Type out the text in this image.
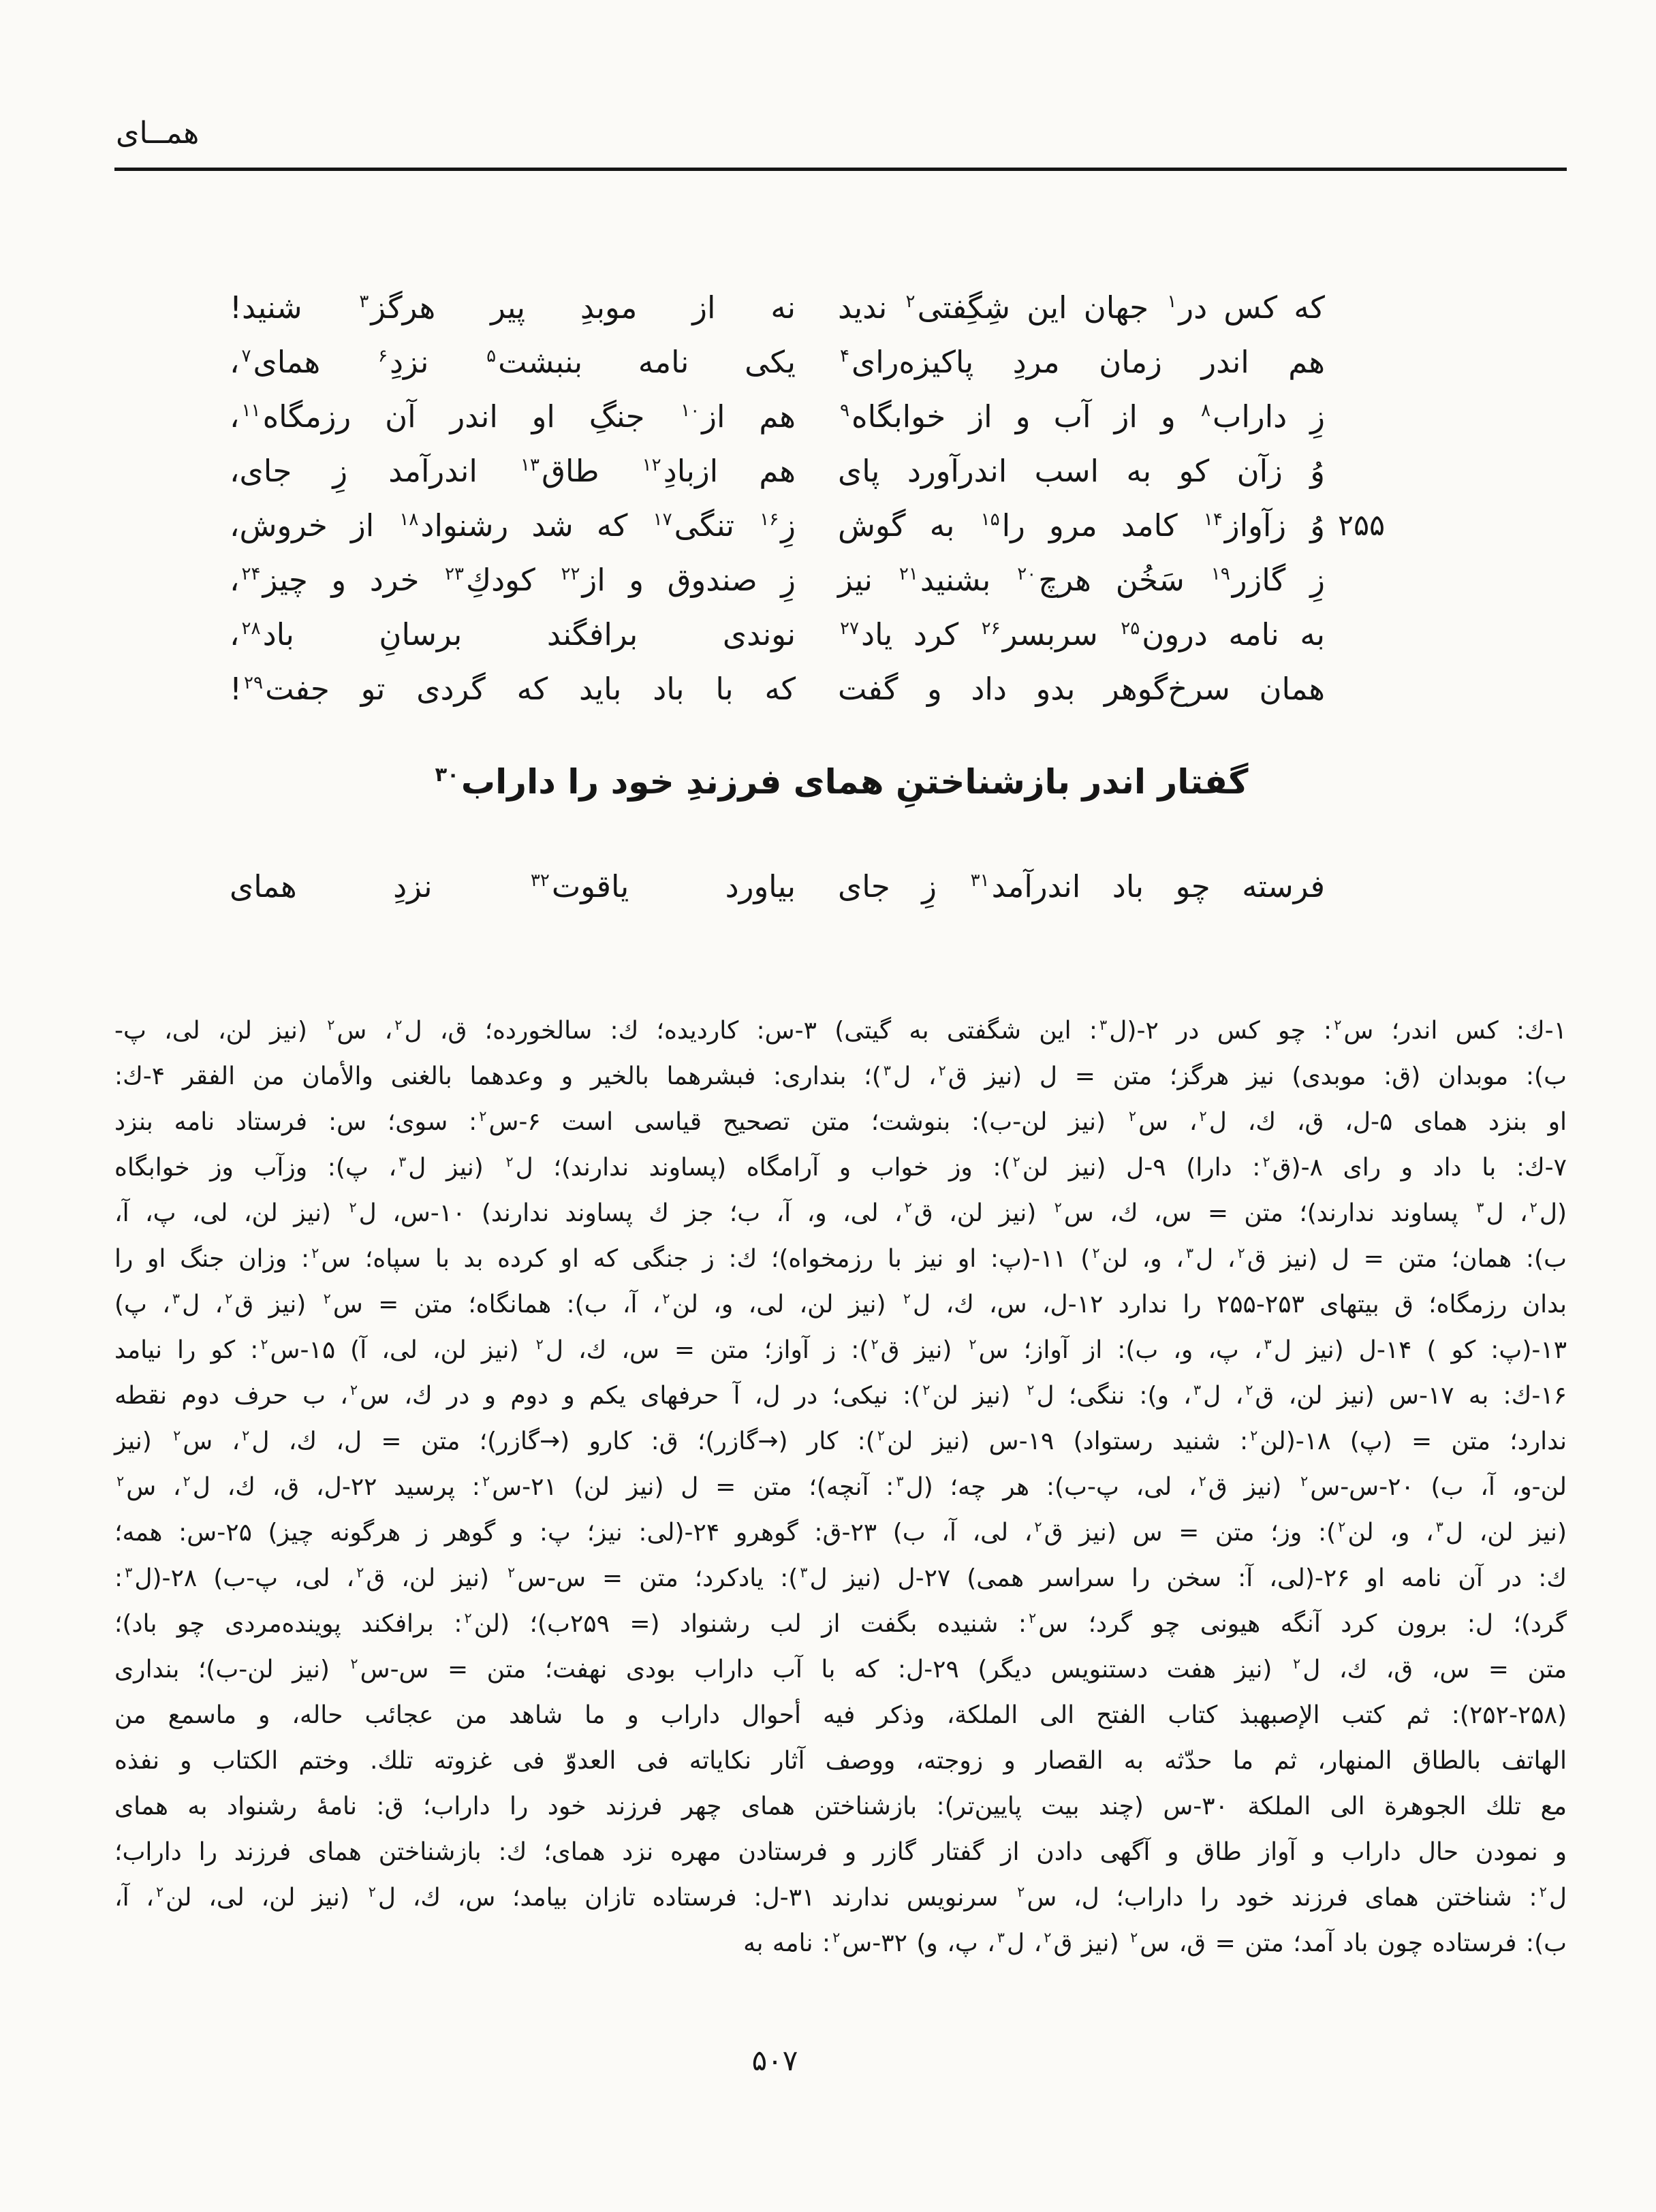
همــاى
كه كس در$^۱$ جهان اين شِگِفتى$^۲$ نديد
نه از موبدِ پير هرگز$^۳$ شنيد!
هم اندر زمان مردِ پاكيزه‌راى$^۴$
يكى نامه بنبشت$^۵$ نزدِ$^۶$ هماى$^۷$،
زِ داراب$^۸$ و از آب و از خوابگاه$^۹$
هم از$^{۱۰}$ جنگِ او اندر آن رزمگاه$^{۱۱}$،
وُ زآن كو به اسب اندرآورد پاى
هم ازبادِ$^{۱۲}$ طاق$^{۱۳}$ اندرآمد زِ جاى،
۲۵۵
وُ زآواز$^{۱۴}$ كامد مرو را$^{۱۵}$ به گوش
زِ$^{۱۶}$ تنگى$^{۱۷}$ كه شد رشنواد$^{۱۸}$ از خروش،
زِ گازر$^{۱۹}$ سَخُن هرچ$^{۲۰}$ بشنيد$^{۲۱}$ نيز
زِ صندوق و از$^{۲۲}$ كودكِ$^{۲۳}$ خرد و چيز$^{۲۴}$،
به نامه درون$^{۲۵}$ سربسر$^{۲۶}$ كرد ياد$^{۲۷}$
نوندى برافگند برسانِ باد$^{۲۸}$،
همان سرخ‌گوهر بدو داد و گفت
كه با باد بايد كه گردى تو جفت$^{۲۹}$!
گفتار اندر بازشناختنِ هماى فرزندِ خود را داراب$^{۳۰}$
فرسته چو باد اندرآمد$^{۳۱}$ زِ جاى
بياورد ياقوت$^{۳۲}$ نزدِ هماى
۱-ك: كس اندر؛ س$^۲$: چو كس در ۲-(ل$^۳$: اين شگفتى به گيتى) ۳-س: كارديده؛ ك: سالخورده؛ ق، ل$^۲$، س$^۲$ (نيز لن، لى، پ-
ب): موبدان (ق: موبدى) نيز هرگز؛ متن = ل (نيز ق$^۲$، ل$^۳$)؛ بندارى: فبشرهما بالخير و وعدهما بالغنى والأمان من الفقر ۴-ك:
او بنزد هماى ۵-ل، ق، ك، ل$^۲$، س$^۲$ (نيز لن-ب): بنوشت؛ متن تصحيح قياسى است ۶-س$^۲$: سوى؛ س: فرستاد نامه بنزد
۷-ك: با داد و راى ۸-(ق$^۲$: دارا) ۹-ل (نيز لن$^۲$): وز خواب و آرامگاه (پساوند ندارند)؛ ل$^۲$ (نيز ل$^۳$، پ): وزآب وز خوابگاه
(ل$^۲$، ل$^۳$ پساوند ندارند)؛ متن = س، ك، س$^۲$ (نيز لن، ق$^۲$، لى، و، آ، ب؛ جز ك پساوند ندارند) ۱۰-س، ل$^۲$ (نيز لن، لى، پ، آ،
ب): همان؛ متن = ل (نيز ق$^۲$، ل$^۳$، و، لن$^۲$) ۱۱-(پ: او نيز با رزمخواه)؛ ك: ز جنگى كه او كرده بد با سپاه؛ س$^۲$: وزان جنگ او را
بدان رزمگاه؛ ق بيتهاى ۲۵۳-۲۵۵ را ندارد ۱۲-ل، س، ك، ل$^۲$ (نيز لن، لى، و، لن$^۲$، آ، ب): همانگاه؛ متن = س$^۲$ (نيز ق$^۲$، ل$^۳$، پ)
۱۳-(پ: كو ) ۱۴-ل (نيز ل$^۳$، پ، و، ب): از آواز؛ س$^۲$ (نيز ق$^۲$): ز آواز؛ متن = س، ك، ل$^۲$ (نيز لن، لى، آ) ۱۵-س$^۲$: كو را نيامد
۱۶-ك: به ۱۷-س (نيز لن، ق$^۲$، ل$^۳$، و): ننگى؛ ل$^۲$ (نيز لن$^۲$): نيكى؛ در ل، آ حرفهاى يكم و دوم و در ك، س$^۲$، ب حرف دوم نقطه
ندارد؛ متن = (پ) ۱۸-(لن$^۲$: شنيد رستواد) ۱۹-س (نيز لن$^۲$): كار (→گازر)؛ ق: كارو (→گازر)؛ متن = ل، ك، ل$^۲$، س$^۲$ (نيز
لن-و، آ، ب) ۲۰-س-س$^۲$ (نيز ق$^۲$، لى، پ-ب): هر چه؛ (ل$^۳$: آنچه)؛ متن = ل (نيز لن) ۲۱-س$^۲$: پرسيد ۲۲-ل، ق، ك، ل$^۲$، س$^۲$
(نيز لن، ل$^۳$، و، لن$^۲$): وز؛ متن = س (نيز ق$^۲$، لى، آ، ب) ۲۳-ق: گوهرو ۲۴-(لى: نيز؛ پ: و گوهر ز هرگونه چيز) ۲۵-س: همه؛
ك: در آن نامه او ۲۶-(لى، آ: سخن را سراسر همى) ۲۷-ل (نيز ل$^۳$): يادكرد؛ متن = س-س$^۲$ (نيز لن، ق$^۲$، لى، پ-ب) ۲۸-(ل$^۳$:
گرد)؛ ل: برون كرد آنگه هيونى چو گرد؛ س$^۲$: شنيده بگفت از لب رشنواد (= ۲۵۹ب)؛ (لن$^۲$: برافكند پوينده‌مردى چو باد)؛
متن = س، ق، ك، ل$^۲$ (نيز هفت دستنويس ديگر) ۲۹-ل: كه با آب داراب بودى نهفت؛ متن = س-س$^۲$ (نيز لن-ب)؛ بندارى
(۲۵۲-۲۵۸): ثم كتب الإصبهبذ كتاب الفتح الى الملكة، وذكر فيه أحوال داراب و ما شاهد من عجائب حاله، و ماسمع من
الهاتف بالطاق المنهار، ثم ما حدّثه به القصار و زوجته، ووصف آثار نكاياته فى العدوّ فى غزوته تلك. وختم الكتاب و نفذه
مع تلك الجوهرة الى الملكة ۳۰-س (چند بيت پايين‌تر): بازشناختن هماى چهر فرزند خود را داراب؛ ق: نامهٔ رشنواد به هماى
و نمودن حال داراب و آواز طاق و آگهى دادن از گفتار گازر و فرستادن مهره نزد هماى؛ ك: بازشناختن هماى فرزند را داراب؛
ل$^۲$: شناختن هماى فرزند خود را داراب؛ ل، س$^۲$ سرنويس ندارند ۳۱-ل: فرستاده تازان بيامد؛ س، ك، ل$^۲$ (نيز لن، لى، لن$^۲$، آ،
ب): فرستاده چون باد آمد؛ متن = ق، س$^۲$ (نيز ق$^۲$، ل$^۳$، پ، و) ۳۲-س$^۲$: نامه به
۵۰۷
